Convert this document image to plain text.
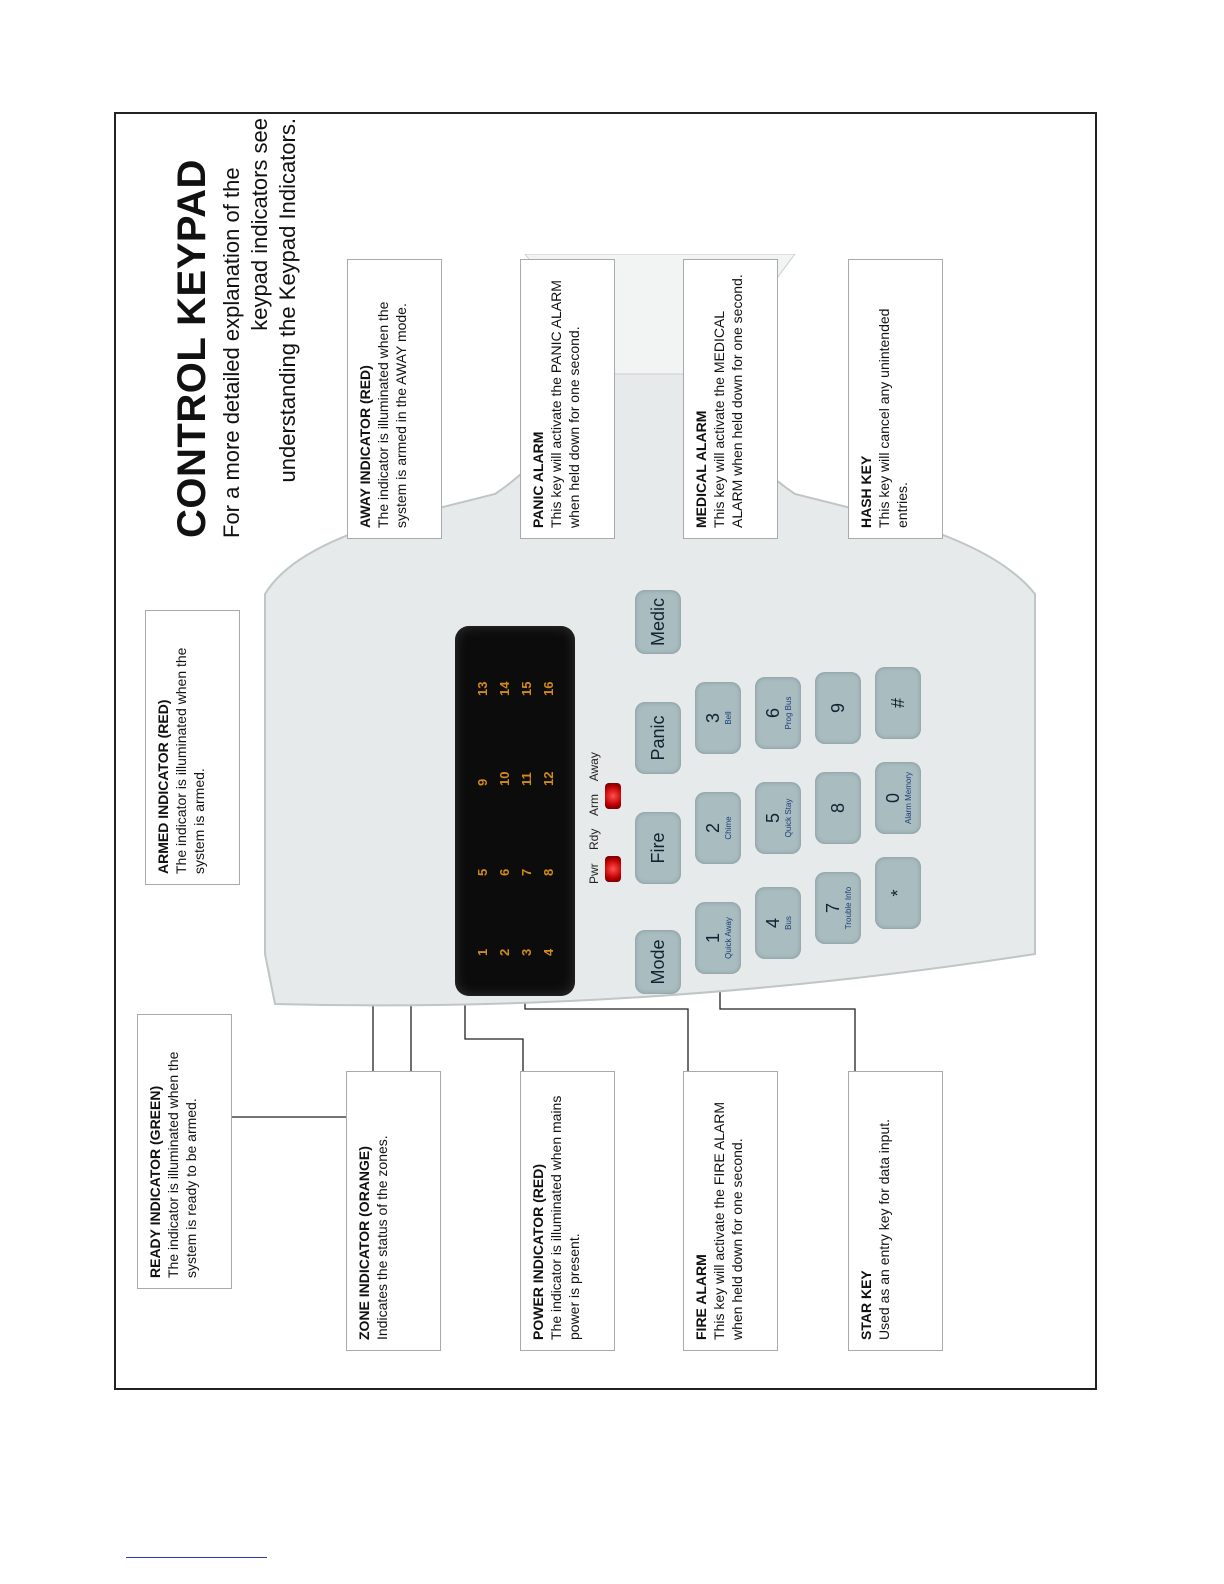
CONTROL KEYPAD For a more detailed explanation of the keypad indicators see understanding the Keypad Indicators.
1 2 3 4
5 6 7 8
9 10 11 12
13 14 15 16
Pwr Rdy Arm Away
Mode
Fire
Panic
Medic
1 Quick Away
2 Chime
3 Bell
4 Bus
5 Quick Stay
6 Prog Bus
7 Trouble Info
8
9
*
0 Alarm Memory
#
AWAY INDICATOR (RED) The indicator is illuminated when the system is armed in the AWAY mode.	PANIC ALARM This key will activate the PANIC ALARM when held down for one second.	MEDICAL ALARM This key will activate the MEDICAL ALARM when held down for one second.	HASH KEY This key will cancel any unintended entries.
ARMED INDICATOR (RED) The indicator is illuminated when the system is armed.
READY INDICATOR (GREEN) The indicator is illuminated when the system is ready to be armed.	ZONE INDICATOR (ORANGE) Indicates the status of the zones.	POWER INDICATOR (RED) The indicator is illuminated when mains power is present.	FIRE ALARM This key will activate the FIRE ALARM when held down for one second.	STAR KEY Used as an entry key for data input.
